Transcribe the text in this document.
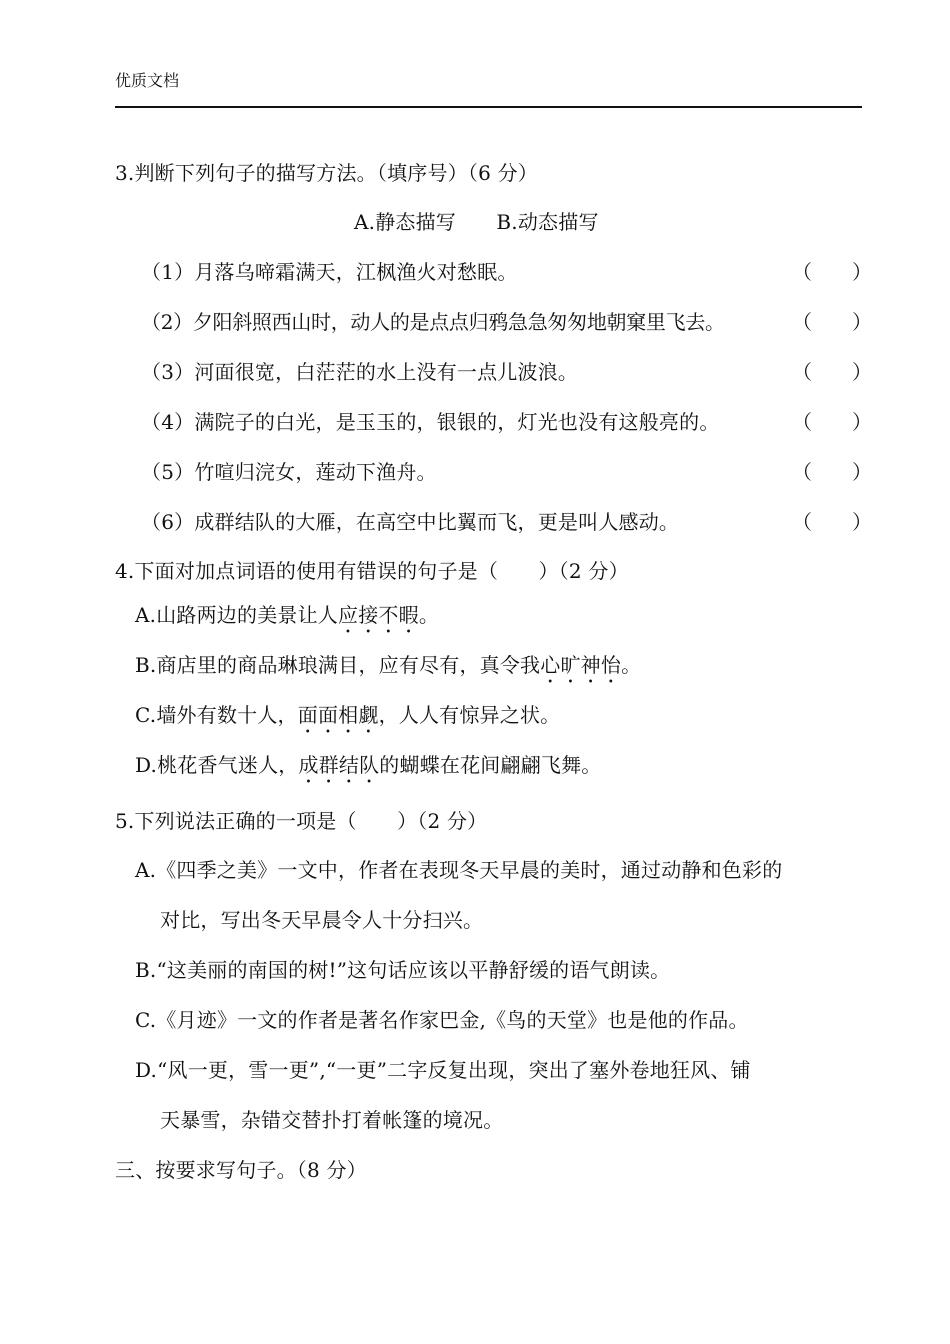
优质文档
3.判断下列句子的描写方法。（填序号）（6 分）
A.静态描写　　B.动态描写
（1）月落乌啼霜满天，江枫渔火对愁眠。	（　　）
（2）夕阳斜照西山时，动人的是点点归鸦急急匆匆地朝窠里飞去。	（　　）
（3）河面很宽，白茫茫的水上没有一点儿波浪。	（　　）
（4）满院子的白光，是玉玉的，银银的，灯光也没有这般亮的。	（　　）
（5）竹喧归浣女，莲动下渔舟。	（　　）
（6）成群结队的大雁，在高空中比翼而飞，更是叫人感动。	（　　）
4.下面对加点词语的使用有错误的句子是（　　）（2 分）
A.山路两边的美景让人应接不暇。
B.商店里的商品琳琅满目，应有尽有，真令我心旷神怡。
C.墙外有数十人，面面相觑，人人有惊异之状。
D.桃花香气迷人，成群结队的蝴蝶在花间翩翩飞舞。
5.下列说法正确的一项是（　　）（2 分）
A.《四季之美》一文中，作者在表现冬天早晨的美时，通过动静和色彩的
对比，写出冬天早晨令人十分扫兴。
B.“这美丽的南国的树!”这句话应该以平静舒缓的语气朗读。
C.《月迹》一文的作者是著名作家巴金,《鸟的天堂》也是他的作品。
D.“风一更，雪一更”,“一更”二字反复出现，突出了塞外卷地狂风、铺
天暴雪，杂错交替扑打着帐篷的境况。
三、按要求写句子。（8 分）
